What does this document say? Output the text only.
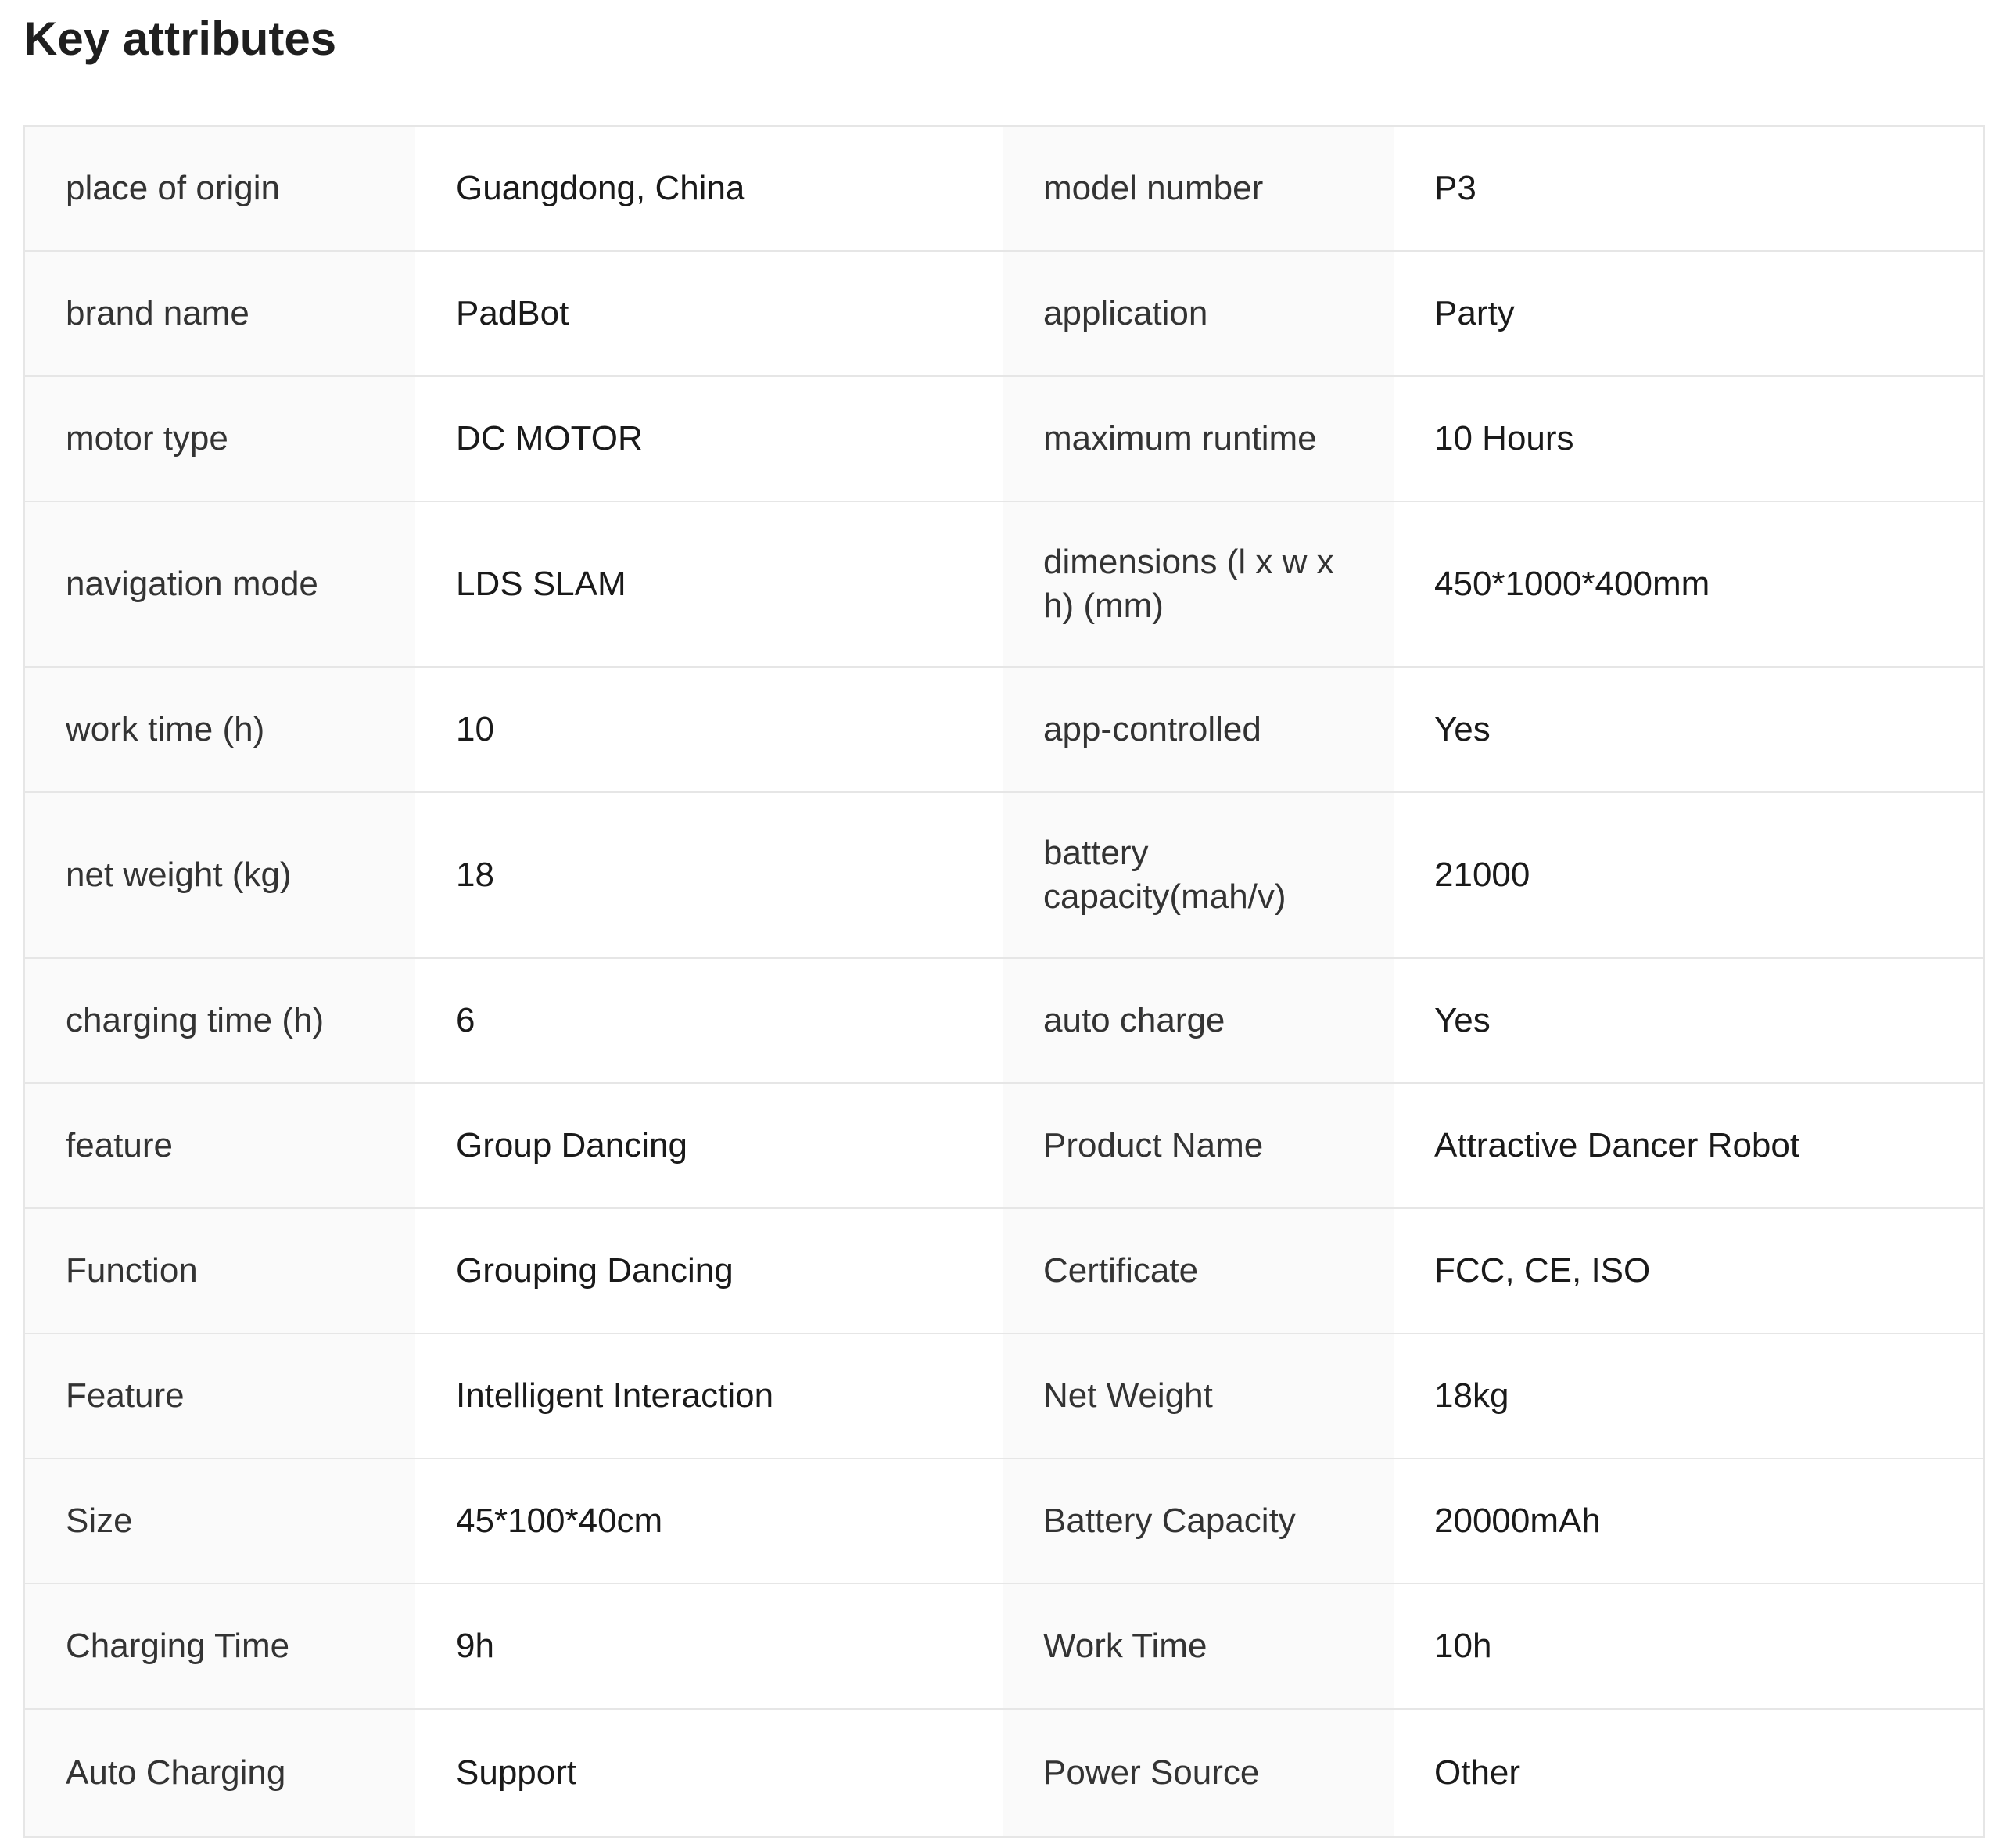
Key attributes
place of origin	Guangdong, China	model number	P3
brand name	PadBot	application	Party
motor type	DC MOTOR	maximum runtime	10 Hours
navigation mode	LDS SLAM	dimensions (l x w x h) (mm)	450*1000*400mm
work time (h)	10	app-controlled	Yes
net weight (kg)	18	battery capacity(mah/v)	21000
charging time (h)	6	auto charge	Yes
feature	Group Dancing	Product Name	Attractive Dancer Robot
Function	Grouping Dancing	Certificate	FCC, CE, ISO
Feature	Intelligent Interaction	Net Weight	18kg
Size	45*100*40cm	Battery Capacity	20000mAh
Charging Time	9h	Work Time	10h
Auto Charging	Support	Power Source	Other
